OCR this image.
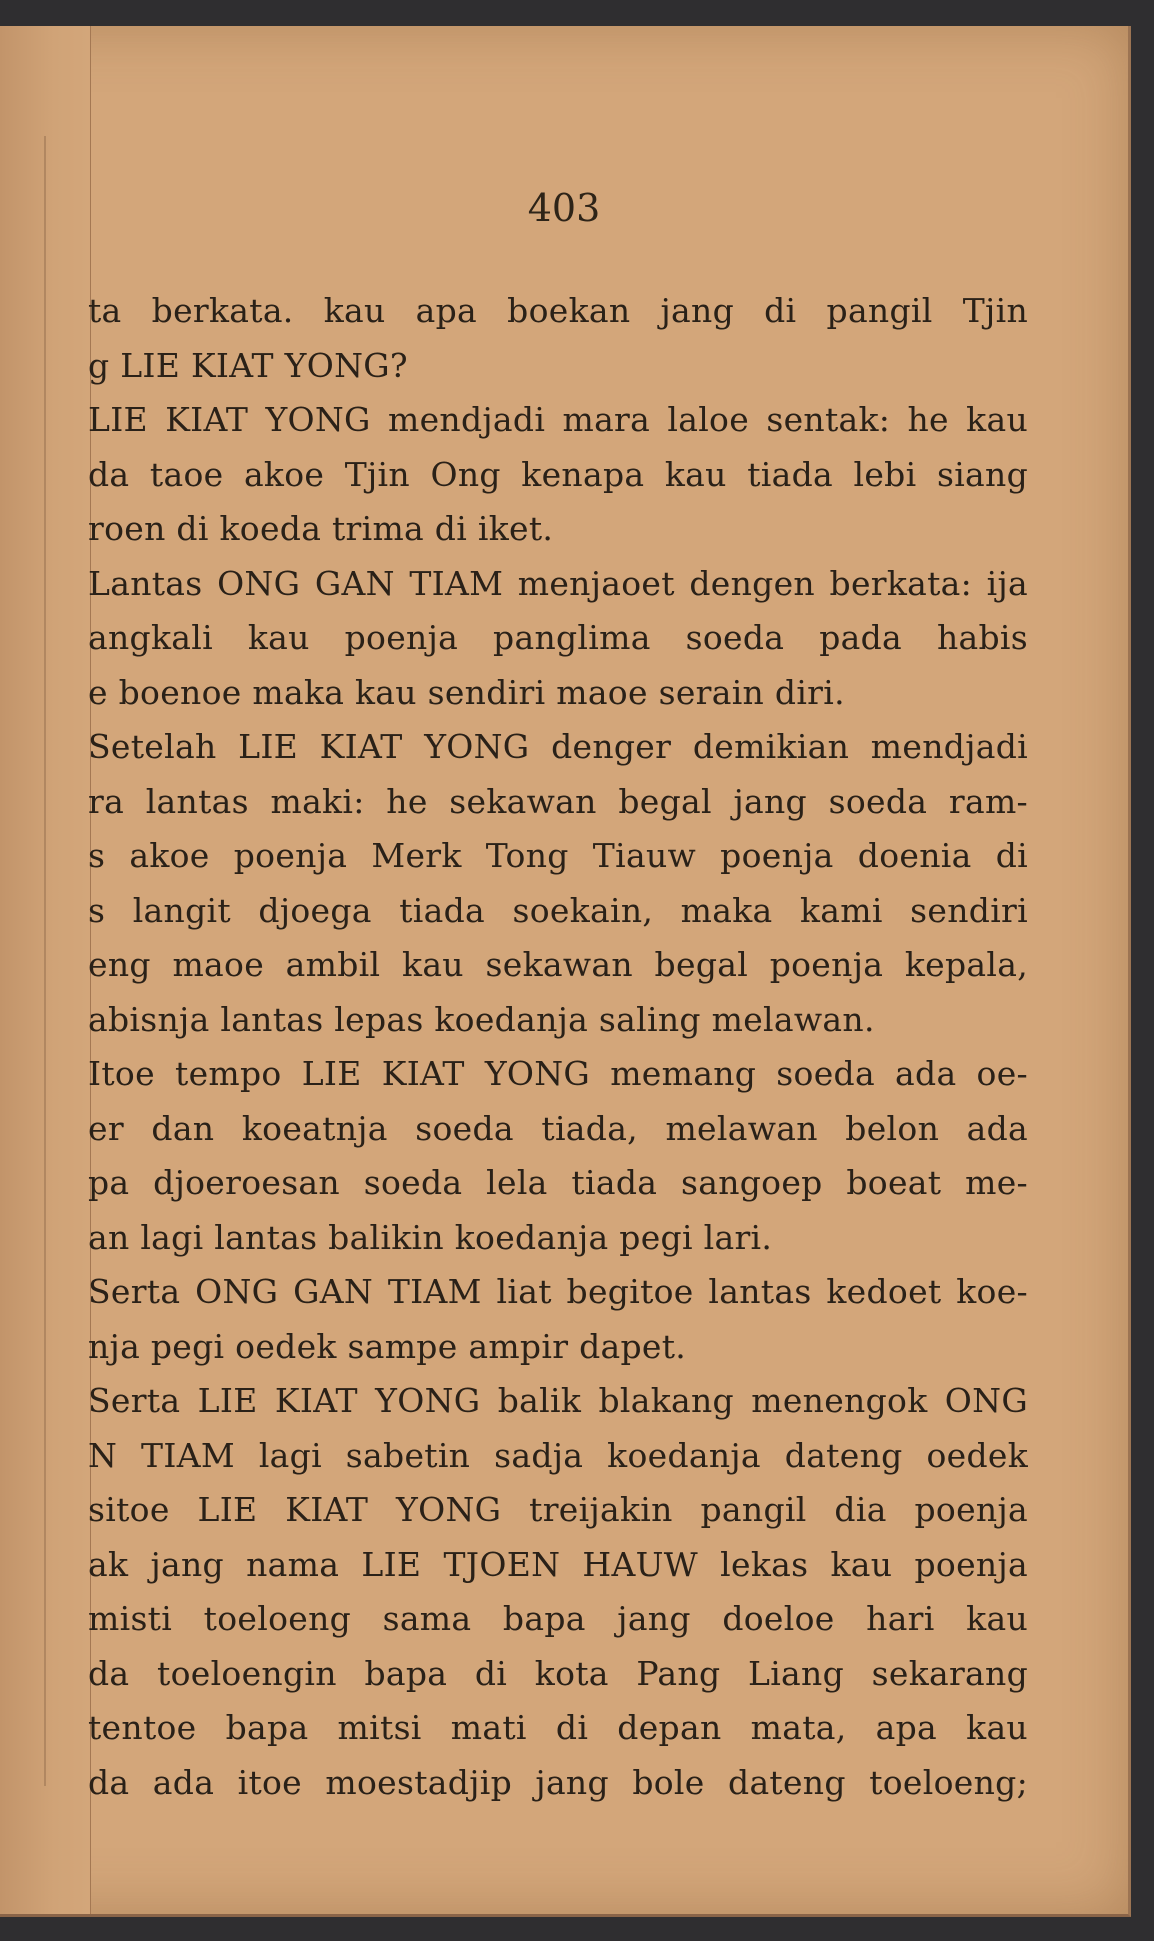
403
ta berkata. kau apa boekan jang di pangil Tjin
g LIE KIAT YONG?
LIE KIAT YONG mendjadi mara laloe sentak: he kau
da taoe akoe Tjin Ong kenapa kau tiada lebi siang
roen di koeda trima di iket.
Lantas ONG GAN TIAM menjaoet dengen berkata: ija
angkali kau poenja panglima soeda pada habis
e boenoe maka kau sendiri maoe serain diri.
Setelah LIE KIAT YONG denger demikian mendjadi
ra lantas maki: he sekawan begal jang soeda ram-
s akoe poenja Merk Tong Tiauw poenja doenia di
s langit djoega tiada soekain, maka kami sendiri
eng maoe ambil kau sekawan begal poenja kepala,
abisnja lantas lepas koedanja saling melawan.
Itoe tempo LIE KIAT YONG memang soeda ada oe-
er dan koeatnja soeda tiada, melawan belon ada
pa djoeroesan soeda lela tiada sangoep boeat me-
an lagi lantas balikin koedanja pegi lari.
Serta ONG GAN TIAM liat begitoe lantas kedoet koe-
nja pegi oedek sampe ampir dapet.
Serta LIE KIAT YONG balik blakang menengok ONG
N TIAM lagi sabetin sadja koedanja dateng oedek
sitoe LIE KIAT YONG treijakin pangil dia poenja
ak jang nama LIE TJOEN HAUW lekas kau poenja
misti toeloeng sama bapa jang doeloe hari kau
da toeloengin bapa di kota Pang Liang sekarang
tentoe bapa mitsi mati di depan mata, apa kau
da ada itoe moestadjip jang bole dateng toeloeng;
